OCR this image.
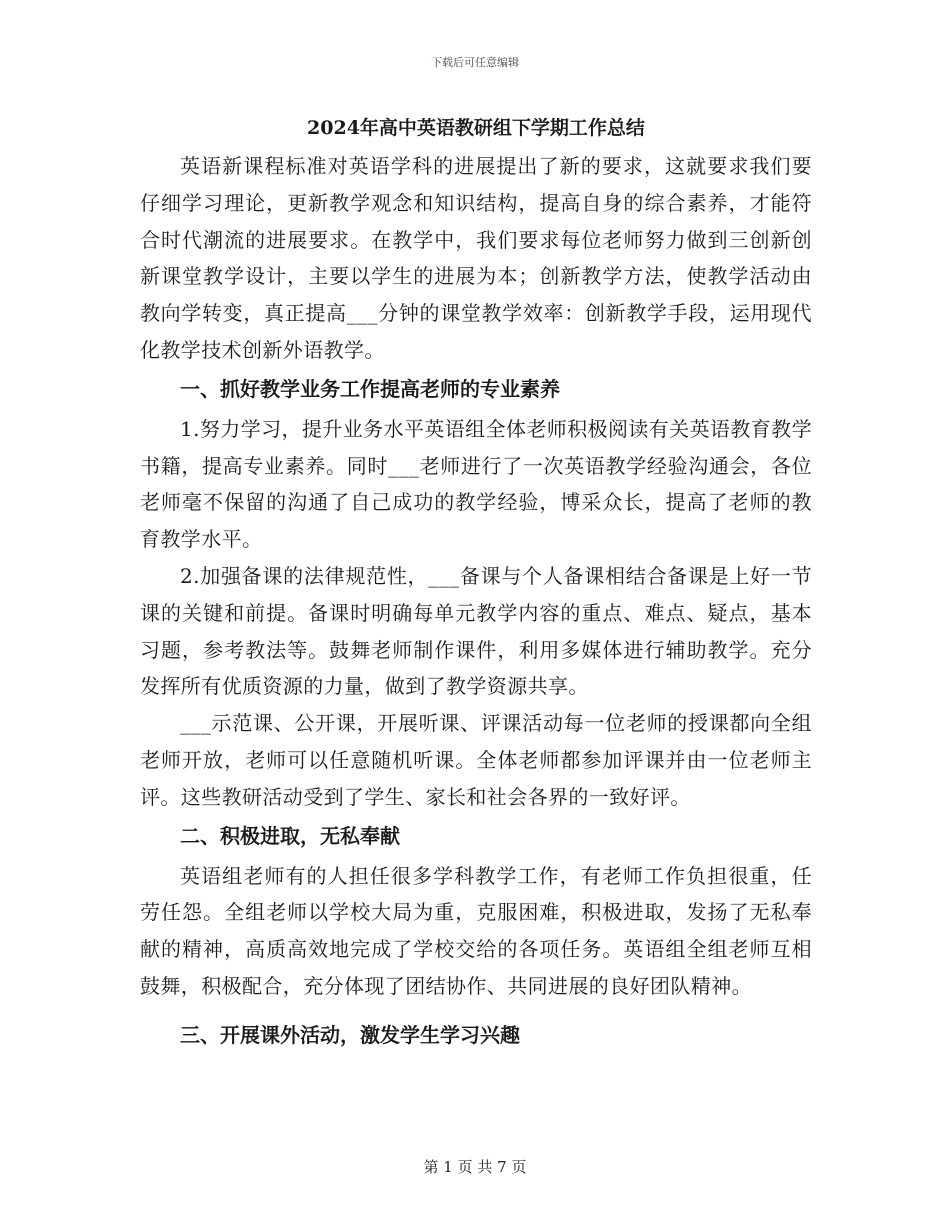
下载后可任意编辑
2024年高中英语教研组下学期工作总结

英语新课程标准对英语学科的进展提出了新的要求，这就要求我们要仔细学习理论，更新教学观念和知识结构，提高自身的综合素养，才能符合时代潮流的进展要求。在教学中，我们要求每位老师努力做到三创新创新课堂教学设计，主要以学生的进展为本；创新教学方法，使教学活动由教向学转变，真正提高___分钟的课堂教学效率：创新教学手段，运用现代化教学技术创新外语教学。

一、抓好教学业务工作提高老师的专业素养

1.努力学习，提升业务水平英语组全体老师积极阅读有关英语教育教学书籍，提高专业素养。同时___老师进行了一次英语教学经验沟通会，各位老师毫不保留的沟通了自己成功的教学经验，博采众长，提高了老师的教育教学水平。

2.加强备课的法律规范性，___备课与个人备课相结合备课是上好一节课的关键和前提。备课时明确每单元教学内容的重点、难点、疑点，基本习题，参考教法等。鼓舞老师制作课件，利用多媒体进行辅助教学。充分发挥所有优质资源的力量，做到了教学资源共享。

___示范课、公开课，开展听课、评课活动每一位老师的授课都向全组老师开放，老师可以任意随机听课。全体老师都参加评课并由一位老师主评。这些教研活动受到了学生、家长和社会各界的一致好评。

二、积极进取，无私奉献

英语组老师有的人担任很多学科教学工作，有老师工作负担很重，任劳任怨。全组老师以学校大局为重，克服困难，积极进取，发扬了无私奉献的精神，高质高效地完成了学校交给的各项任务。英语组全组老师互相鼓舞，积极配合，充分体现了团结协作、共同进展的良好团队精神。

三、开展课外活动，激发学生学习兴趣
第 1 页 共 7 页
